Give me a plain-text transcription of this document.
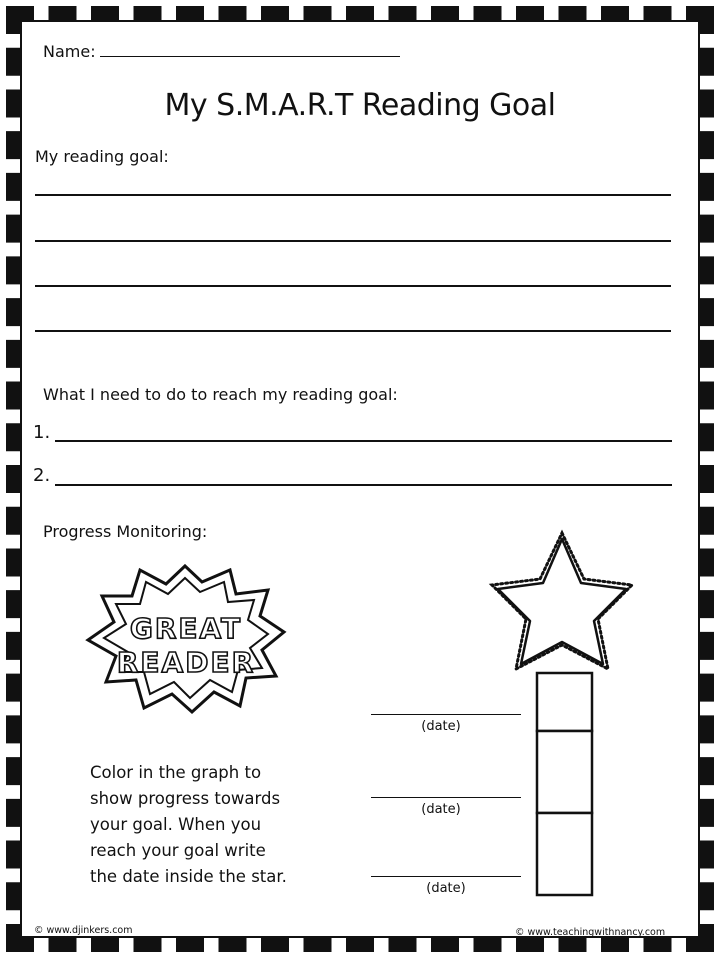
Name:
My S.M.A.R.T Reading Goal
My reading goal:
What I need to do to reach my reading goal:
1.
2.
Progress Monitoring:
GREAT
READER
Color in the graph to
show progress towards
your goal. When you
reach your goal write
the date inside the star.
(date)
(date)
(date)
© www.djinkers.com	© www.teachingwithnancy.com
